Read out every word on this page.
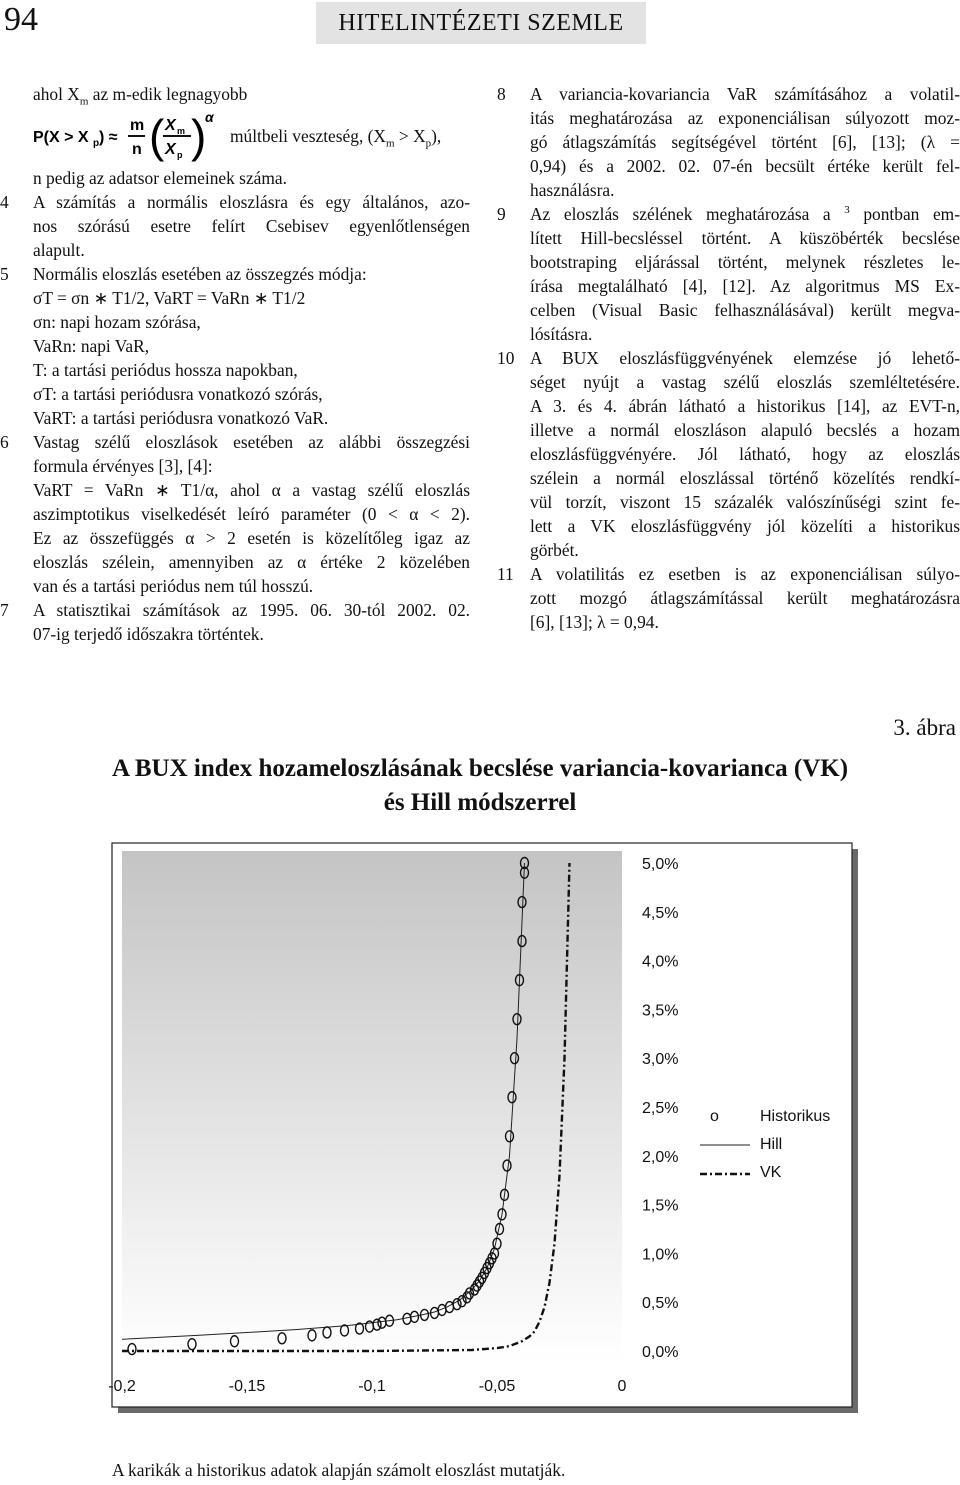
94	HITELINTÉZETI SZEMLE
ahol $X_m$ az m-edik legnagyobb
P(X > X p ) ≈
m
n ( X m
X p )
α
múltbeli veszteség, $(X_m > X_p)$,
n pedig az adatsor elemeinek száma.
4	A számítás a normális eloszlásra és egy általános, azo-
nos szórású esetre felírt Csebisev egyenlőtlenségen
alapult.
5	Normális eloszlás esetében az összegzés módja:
σT = σn ∗ T1/2, VaRT = VaRn ∗ T1/2
σn: napi hozam szórása,
VaRn: napi VaR,
T: a tartási periódus hossza napokban,
σT: a tartási periódusra vonatkozó szórás,
VaRT: a tartási periódusra vonatkozó VaR.
6	Vastag szélű eloszlások esetében az alábbi összegzési
formula érvényes [3], [4]:
VaRT = VaRn ∗ T1/α, ahol α a vastag szélű eloszlás
aszimptotikus viselkedését leíró paraméter (0 < α < 2).
Ez az összefüggés α > 2 esetén is közelítőleg igaz az
eloszlás szélein, amennyiben az α értéke 2 közelében
van és a tartási periódus nem túl hosszú.
7	A statisztikai számítások az 1995. 06. 30-tól 2002. 02.
07-ig terjedő időszakra történtek.
8	A variancia-kovariancia VaR számításához a volatil-
itás meghatározása az exponenciálisan súlyozott moz-
gó átlagszámítás segítségével történt [6], [13]; (λ =
0,94) és a 2002. 02. 07-én becsült értéke került fel-
használásra.
9	Az eloszlás szélének meghatározása a $^3$ pontban em-
lített Hill-becsléssel történt. A küszöbérték becslése
bootstraping eljárással történt, melynek részletes le-
írása megtalálható [4], [12]. Az algoritmus MS Ex-
celben (Visual Basic felhasználásával) került megva-
lósításra.
10 A BUX eloszlásfüggvényének elemzése jó lehető-
séget nyújt a vastag szélű eloszlás szemléltetésére.
A 3. és 4. ábrán látható a historikus [14], az EVT-n,
illetve a normál eloszláson alapuló becslés a hozam
eloszlásfüggvényére. Jól látható, hogy az eloszlás
szélein a normál eloszlással történő közelítés rendkí-
vül torzít, viszont 15 százalék valószínűségi szint fe-
lett a VK eloszlásfüggvény jól közelíti a historikus
görbét.
11 A volatilitás ez esetben is az exponenciálisan súlyo-
zott mozgó átlagszámítással került meghatározásra
[6], [13]; λ = 0,94.
3. ábra
A BUX index hozameloszlásának becslése variancia-kovarianca (VK)
és Hill módszerrel
0,0%
0,5%
1,0%
1,5%
2,0%
2,5%
3,0%
3,5%
4,0%
4,5%
5,0%
-0,2	-0,15	-0,1	-0,05	0
o	Historikus
Hill
VK
A karikák a historikus adatok alapján számolt eloszlást mutatják.
